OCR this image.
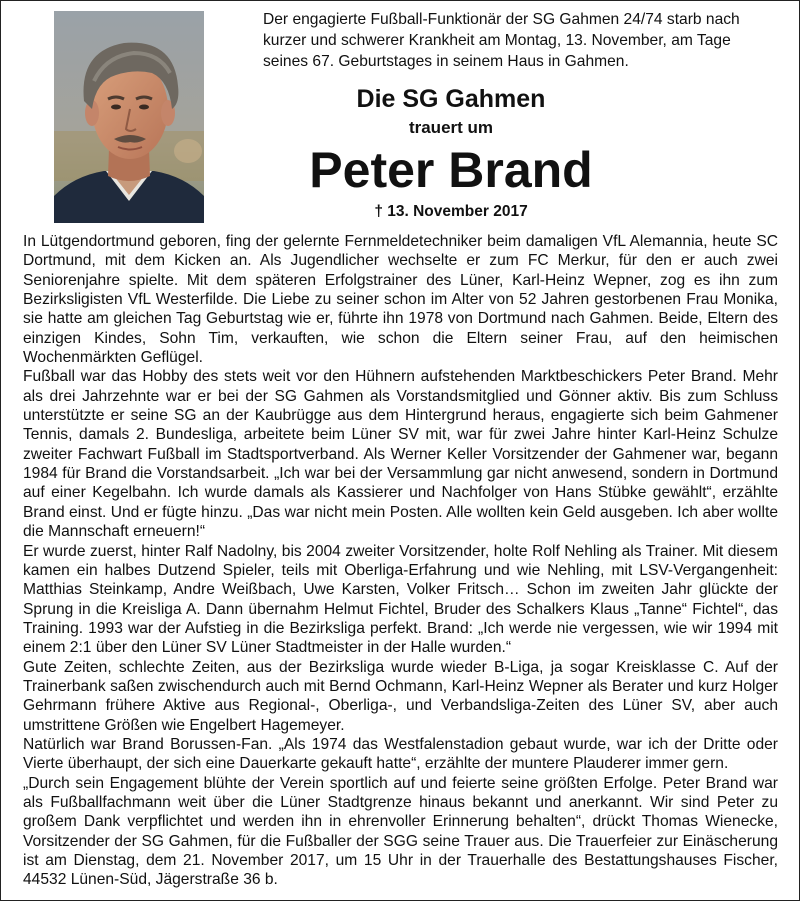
Der engagierte Fußball-Funktionär der SG Gahmen 24/74 starb nach kurzer und schwerer Krankheit am Montag, 13. November, am Tage seines 67. Geburtstages in seinem Haus in Gahmen.

Die SG Gahmen
trauert um
Peter Brand
† 13. November 2017

In Lütgendortmund geboren, fing der gelernte Fernmeldetechniker beim damaligen VfL Alemannia, heute SC Dortmund, mit dem Kicken an. Als Jugendlicher wechselte er zum FC Merkur, für den er auch zwei Seniorenjahre spielte. Mit dem späteren Erfolgstrainer des Lüner, Karl-Heinz Wepner, zog es ihn zum Bezirksligisten VfL Westerfilde. Die Liebe zu seiner schon im Alter von 52 Jahren gestorbenen Frau Monika, sie hatte am gleichen Tag Geburtstag wie er, führte ihn 1978 von Dortmund nach Gahmen. Beide, Eltern des einzigen Kindes, Sohn Tim, verkauften, wie schon die Eltern seiner Frau, auf den heimischen Wochenmärkten Geflügel.

Fußball war das Hobby des stets weit vor den Hühnern aufstehenden Marktbeschickers Peter Brand. Mehr als drei Jahrzehnte war er bei der SG Gahmen als Vorstandsmitglied und Gönner aktiv. Bis zum Schluss unterstützte er seine SG an der Kaubrügge aus dem Hintergrund heraus, engagierte sich beim Gahmener Tennis, damals 2. Bundesliga, arbeitete beim Lüner SV mit, war für zwei Jahre hinter Karl-Heinz Schulze zweiter Fachwart Fußball im Stadtsportverband. Als Werner Keller Vorsitzender der Gahmener war, begann 1984 für Brand die Vorstandsarbeit. „Ich war bei der Versammlung gar nicht anwesend, sondern in Dortmund auf einer Kegelbahn. Ich wurde damals als Kassierer und Nachfolger von Hans Stübke gewählt“, erzählte Brand einst. Und er fügte hinzu. „Das war nicht mein Posten. Alle wollten kein Geld ausgeben. Ich aber wollte die Mannschaft erneuern!“

Er wurde zuerst, hinter Ralf Nadolny, bis 2004 zweiter Vorsitzender, holte Rolf Nehling als Trainer. Mit diesem kamen ein halbes Dutzend Spieler, teils mit Oberliga-Erfahrung und wie Nehling, mit LSV-Vergangenheit: Matthias Steinkamp, Andre Weißbach, Uwe Karsten, Volker Fritsch… Schon im zweiten Jahr glückte der Sprung in die Kreisliga A. Dann übernahm Helmut Fichtel, Bruder des Schalkers Klaus „Tanne“ Fichtel“, das Training. 1993 war der Aufstieg in die Bezirksliga perfekt. Brand: „Ich werde nie vergessen, wie wir 1994 mit einem 2:1 über den Lüner SV Lüner Stadtmeister in der Halle wurden.“

Gute Zeiten, schlechte Zeiten, aus der Bezirksliga wurde wieder B-Liga, ja sogar Kreisklasse C. Auf der Trainerbank saßen zwischendurch auch mit Bernd Ochmann, Karl-Heinz Wepner als Berater und kurz Holger Gehrmann frühere Aktive aus Regional-, Oberliga-, und Verbandsliga-Zeiten des Lüner SV, aber auch umstrittene Größen wie Engelbert Hagemeyer.

Natürlich war Brand Borussen-Fan. „Als 1974 das Westfalenstadion gebaut wurde, war ich der Dritte oder Vierte überhaupt, der sich eine Dauerkarte gekauft hatte“, erzählte der muntere Plauderer immer gern.

„Durch sein Engagement blühte der Verein sportlich auf und feierte seine größten Erfolge. Peter Brand war als Fußballfachmann weit über die Lüner Stadtgrenze hinaus bekannt und anerkannt. Wir sind Peter zu großem Dank verpflichtet und werden ihn in ehrenvoller Erinnerung behalten“, drückt Thomas Wienecke, Vorsitzender der SG Gahmen, für die Fußballer der SGG seine Trauer aus. Die Trauerfeier zur Einäscherung ist am Dienstag, dem 21. November 2017, um 15 Uhr in der Trauerhalle des Bestattungshauses Fischer, 44532 Lünen-Süd, Jägerstraße 36 b.
